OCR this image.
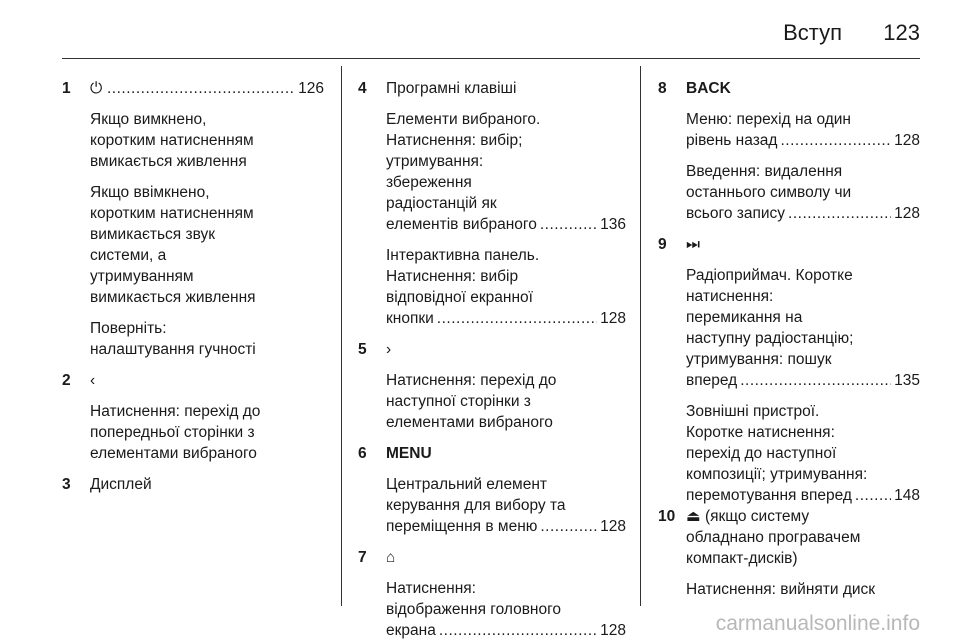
Вступ 123
1 ⏻ .....	126
Якщо вимкнено,
коротким натисненням
вмикається живлення
Якщо ввімкнено,
коротким натисненням
вимикається звук
системи, а
утримуванням
вимикається живлення
Поверніть:
налаштування гучності
2 ‹
Натиснення: перехід до
попередньої сторінки з
елементами вибраного
3 Дисплей
4 Програмні клавіші
Елементи вибраного.
Натиснення: вибір;
утримування:
збереження
радіостанцій як
елементів вибраного .....	136
Інтерактивна панель.
Натиснення: вибір
відповідної екранної
кнопки .....	128
5 ›
Натиснення: перехід до
наступної сторінки з
елементами вибраного
6 MENU
Центральний елемент
керування для вибору та
переміщення в меню .....	128
7 ⌂
Натиснення:
відображення головного
екрана .....	128
8 BACK
Меню: перехід на один
рівень назад .....	128
Введення: видалення
останнього символу чи
всього запису .....	128
9 ⏭
Радіоприймач. Коротке
натиснення:
перемикання на
наступну радіостанцію;
утримування: пошук
вперед .....	135
Зовнішні пристрої.
Коротке натиснення:
перехід до наступної
композиції; утримування:
перемотування вперед .....	148
10 ⏏ (якщо систему
обладнано програвачем
компакт-дисків)
Натиснення: вийняти диск
carmanualsonline.info
